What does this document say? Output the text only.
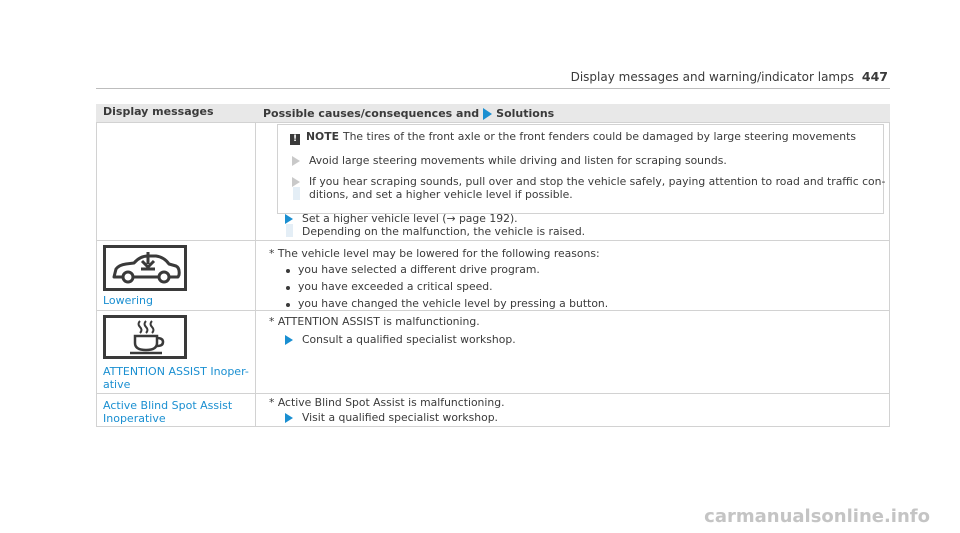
Display messages and warning/indicator lamps 447
Display messages	Possible causes/consequences and Solutions
! NOTE The tires of the front axle or the front fenders could be damaged by large steering movements
Avoid large steering movements while driving and listen for scraping sounds.
If you hear scraping sounds, pull over and stop the vehicle safely, paying attention to road and traffic con-
ditions, and set a higher vehicle level if possible.
Set a higher vehicle level (→ page 192).
Depending on the malfunction, the vehicle is raised.
Lowering
* The vehicle level may be lowered for the following reasons:
you have selected a different drive program.
you have exceeded a critical speed.
you have changed the vehicle level by pressing a button.
ATTENTION ASSIST Inoper-
ative
* ATTENTION ASSIST is malfunctioning.
Consult a qualified specialist workshop.
Active Blind Spot Assist
Inoperative
* Active Blind Spot Assist is malfunctioning.
Visit a qualified specialist workshop.
carmanualsonline.info
